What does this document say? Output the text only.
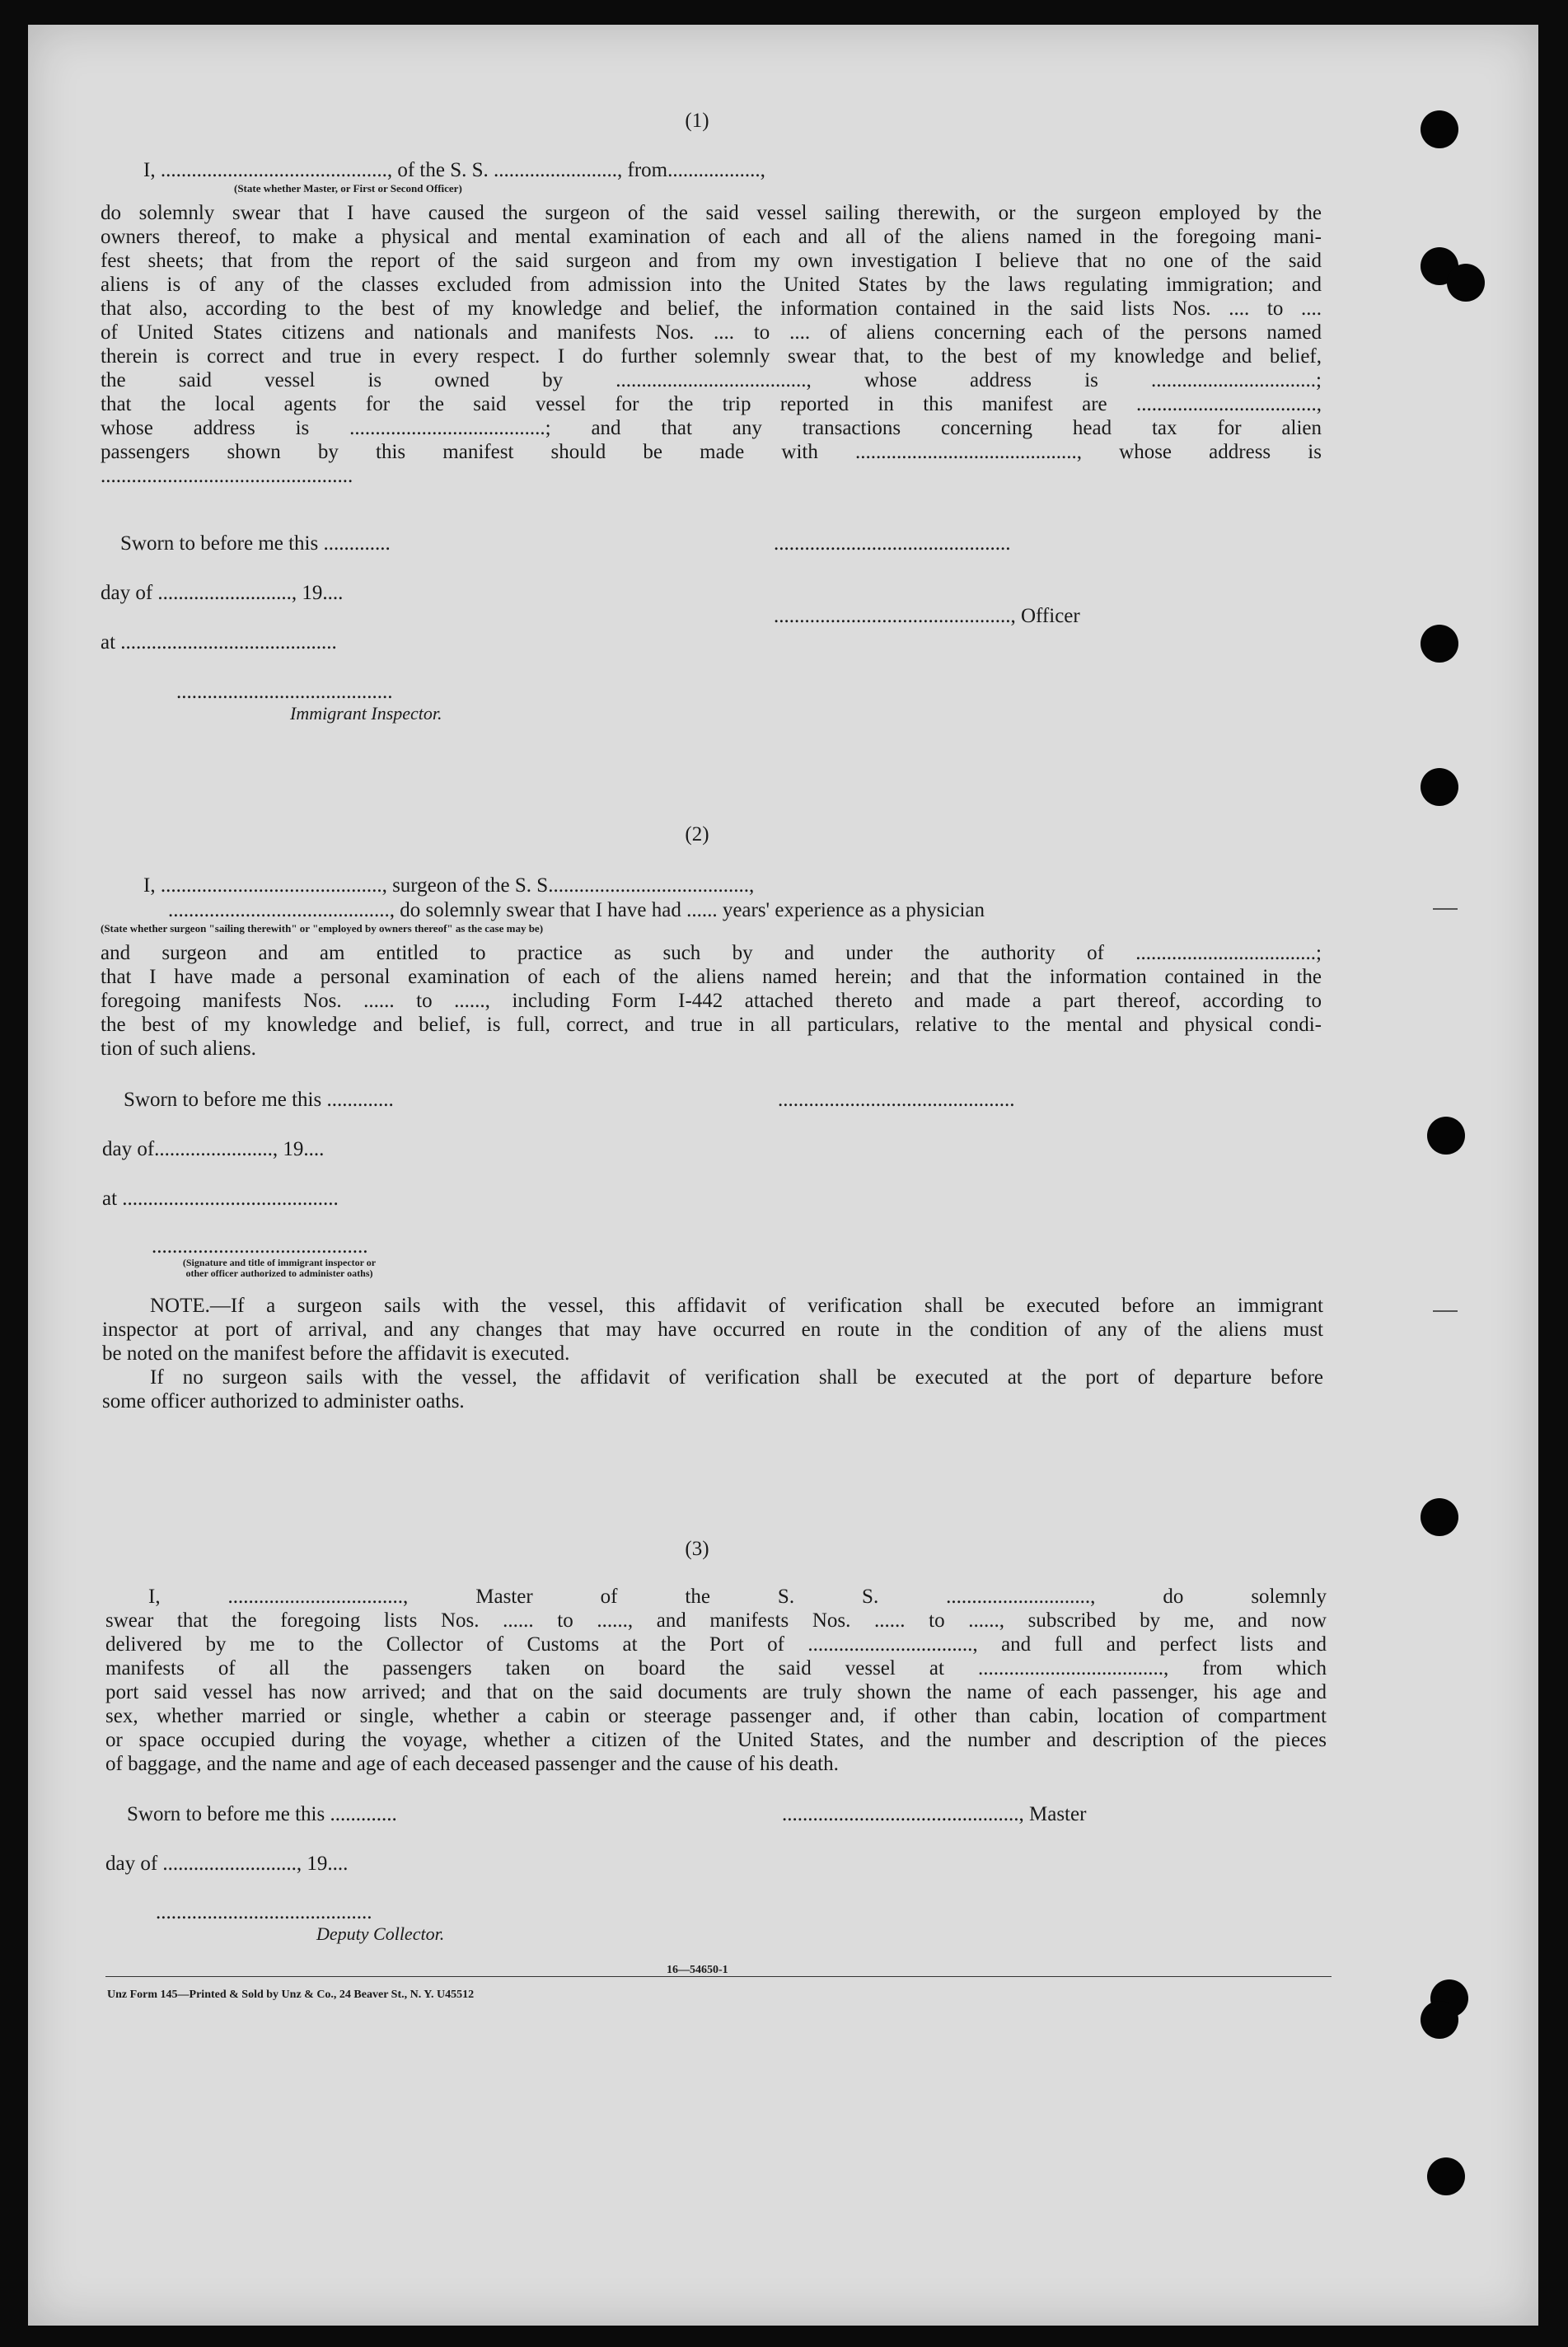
(1)
I, ............................................, of the S. S. ........................, from..................,
(State whether Master, or First or Second Officer)
do solemnly swear that I have caused the surgeon of the said vessel sailing therewith, or the surgeon employed by the
owners thereof, to make a physical and mental examination of each and all of the aliens named in the foregoing mani-
fest sheets; that from the report of the said surgeon and from my own investigation I believe that no one of the said
aliens is of any of the classes excluded from admission into the United States by the laws regulating immigration; and
that also, according to the best of my knowledge and belief, the information contained in the said lists Nos. .... to ....
of United States citizens and nationals and manifests Nos. .... to .... of aliens concerning each of the persons named
therein is correct and true in every respect. I do further solemnly swear that, to the best of my knowledge and belief,
the said vessel is owned by ....................................., whose address is ................................;
that the local agents for the said vessel for the trip reported in this manifest are ...................................,
whose address is ......................................; and that any transactions concerning head tax for alien
passengers shown by this manifest should be made with ..........................................., whose address is
.................................................
Sworn to before me this .............	..............................................
day of .........................., 19....
.............................................., Officer
at ..........................................
..........................................
Immigrant Inspector.
(2)
I, ..........................................., surgeon of the S. S.......................................,
..........................................., do solemnly swear that I have had ...... years' experience as a physician
(State whether surgeon "sailing therewith" or "employed by owners thereof" as the case may be)
and surgeon and am entitled to practice as such by and under the authority of ...................................;
that I have made a personal examination of each of the aliens named herein; and that the information contained in the
foregoing manifests Nos. ...... to ......, including Form I-442 attached thereto and made a part thereof, according to
the best of my knowledge and belief, is full, correct, and true in all particulars, relative to the mental and physical condi-
tion of such aliens.
Sworn to before me this .............	..............................................
day of......................., 19....
at ..........................................
..........................................
(Signature and title of immigrant inspector or other officer authorized to administer oaths)
NOTE.—If a surgeon sails with the vessel, this affidavit of verification shall be executed before an immigrant
inspector at port of arrival, and any changes that may have occurred en route in the condition of any of the aliens must
be noted on the manifest before the affidavit is executed.
If no surgeon sails with the vessel, the affidavit of verification shall be executed at the port of departure before
some officer authorized to administer oaths.
(3)
I, .................................., Master of the S. S. ............................, do solemnly
swear that the foregoing lists Nos. ...... to ......, and manifests Nos. ...... to ......, subscribed by me, and now
delivered by me to the Collector of Customs at the Port of ................................, and full and perfect lists and
manifests of all the passengers taken on board the said vessel at ...................................., from which
port said vessel has now arrived; and that on the said documents are truly shown the name of each passenger, his age and
sex, whether married or single, whether a cabin or steerage passenger and, if other than cabin, location of compartment
or space occupied during the voyage, whether a citizen of the United States, and the number and description of the pieces
of baggage, and the name and age of each deceased passenger and the cause of his death.
Sworn to before me this .............	.............................................., Master
day of .........................., 19....
..........................................
Deputy Collector.
16—54650-1
Unz Form 145—Printed & Sold by Unz & Co., 24 Beaver St., N. Y. U45512
